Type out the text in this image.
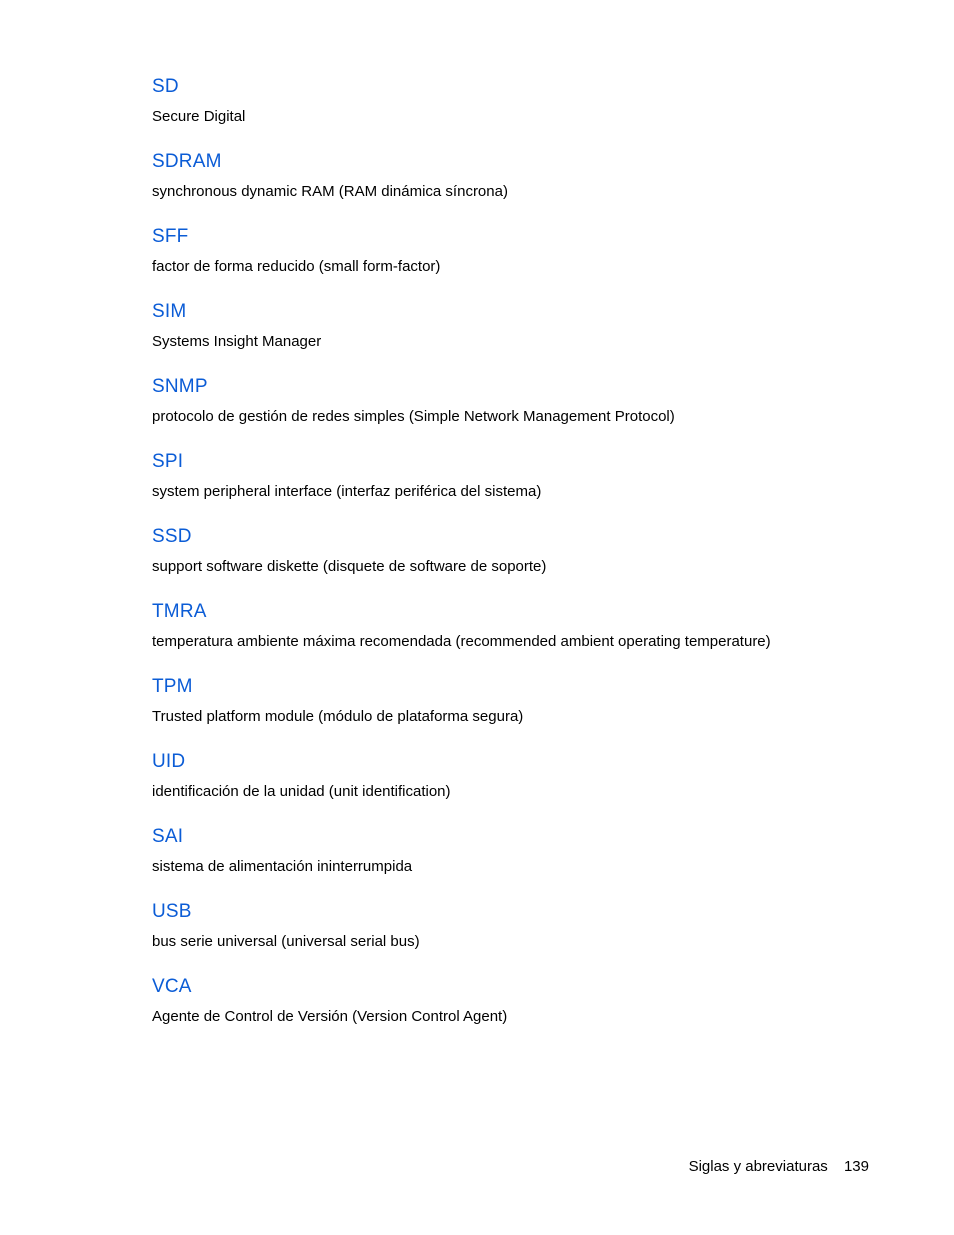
SD
Secure Digital
SDRAM
synchronous dynamic RAM (RAM dinámica síncrona)
SFF
factor de forma reducido (small form-factor)
SIM
Systems Insight Manager
SNMP
protocolo de gestión de redes simples (Simple Network Management Protocol)
SPI
system peripheral interface (interfaz periférica del sistema)
SSD
support software diskette (disquete de software de soporte)
TMRA
temperatura ambiente máxima recomendada (recommended ambient operating temperature)
TPM
Trusted platform module (módulo de plataforma segura)
UID
identificación de la unidad (unit identification)
SAI
sistema de alimentación ininterrumpida
USB
bus serie universal (universal serial bus)
VCA
Agente de Control de Versión (Version Control Agent)
Siglas y abreviaturas 139
